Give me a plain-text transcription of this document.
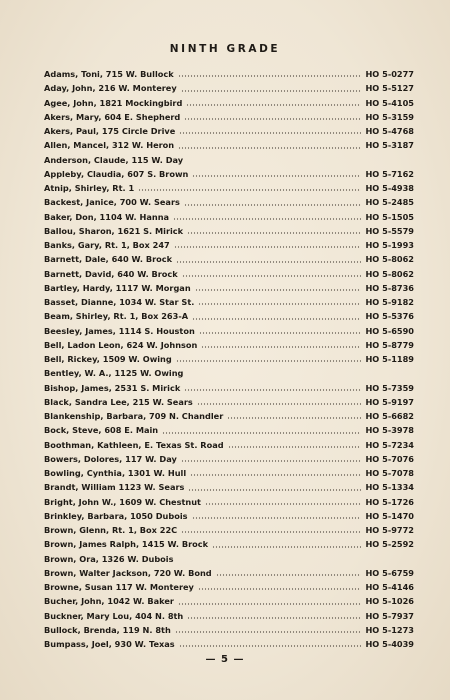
NINTH GRADE
Adams, Toni, 715 W. Bullock	HO 5-0277
Aday, John, 216 W. Monterey	HO 5-5127
Agee, John, 1821 Mockingbird	HO 5-4105
Akers, Mary, 604 E. Shepherd	HO 5-3159
Akers, Paul, 175 Circle Drive	HO 5-4768
Allen, Mancel, 312 W. Heron	HO 5-3187
Anderson, Claude, 115 W. Day
Appleby, Claudia, 607 S. Brown	HO 5-7162
Atnip, Shirley, Rt. 1	HO 5-4938
Backest, Janice, 700 W. Sears	HO 5-2485
Baker, Don, 1104 W. Hanna	HO 5-1505
Ballou, Sharon, 1621 S. Mirick	HO 5-5579
Banks, Gary, Rt. 1, Box 247	HO 5-1993
Barnett, Dale, 640 W. Brock	HO 5-8062
Barnett, David, 640 W. Brock	HO 5-8062
Bartley, Hardy, 1117 W. Morgan	HO 5-8736
Basset, Dianne, 1034 W. Star St.	HO 5-9182
Beam, Shirley, Rt. 1, Box 263-A	HO 5-5376
Beesley, James, 1114 S. Houston	HO 5-6590
Bell, Ladon Leon, 624 W. Johnson	HO 5-8779
Bell, Rickey, 1509 W. Owing	HO 5-1189
Bentley, W. A., 1125 W. Owing
Bishop, James, 2531 S. Mirick	HO 5-7359
Black, Sandra Lee, 215 W. Sears	HO 5-9197
Blankenship, Barbara, 709 N. Chandler	HO 5-6682
Bock, Steve, 608 E. Main	HO 5-3978
Boothman, Kathleen, E. Texas St. Road	HO 5-7234
Bowers, Dolores, 117 W. Day	HO 5-7076
Bowling, Cynthia, 1301 W. Hull	HO 5-7078
Brandt, William 1123 W. Sears	HO 5-1334
Bright, John W., 1609 W. Chestnut	HO 5-1726
Brinkley, Barbara, 1050 Dubois	HO 5-1470
Brown, Glenn, Rt. 1, Box 22C	HO 5-9772
Brown, James Ralph, 1415 W. Brock	HO 5-2592
Brown, Ora, 1326 W. Dubois
Brown, Walter Jackson, 720 W. Bond	HO 5-6759
Browne, Susan 117 W. Monterey	HO 5-4146
Bucher, John, 1042 W. Baker	HO 5-1026
Buckner, Mary Lou, 404 N. 8th	HO 5-7937
Bullock, Brenda, 119 N. 8th	HO 5-1273
Bumpass, Joel, 930 W. Texas	HO 5-4039
— 5 —
